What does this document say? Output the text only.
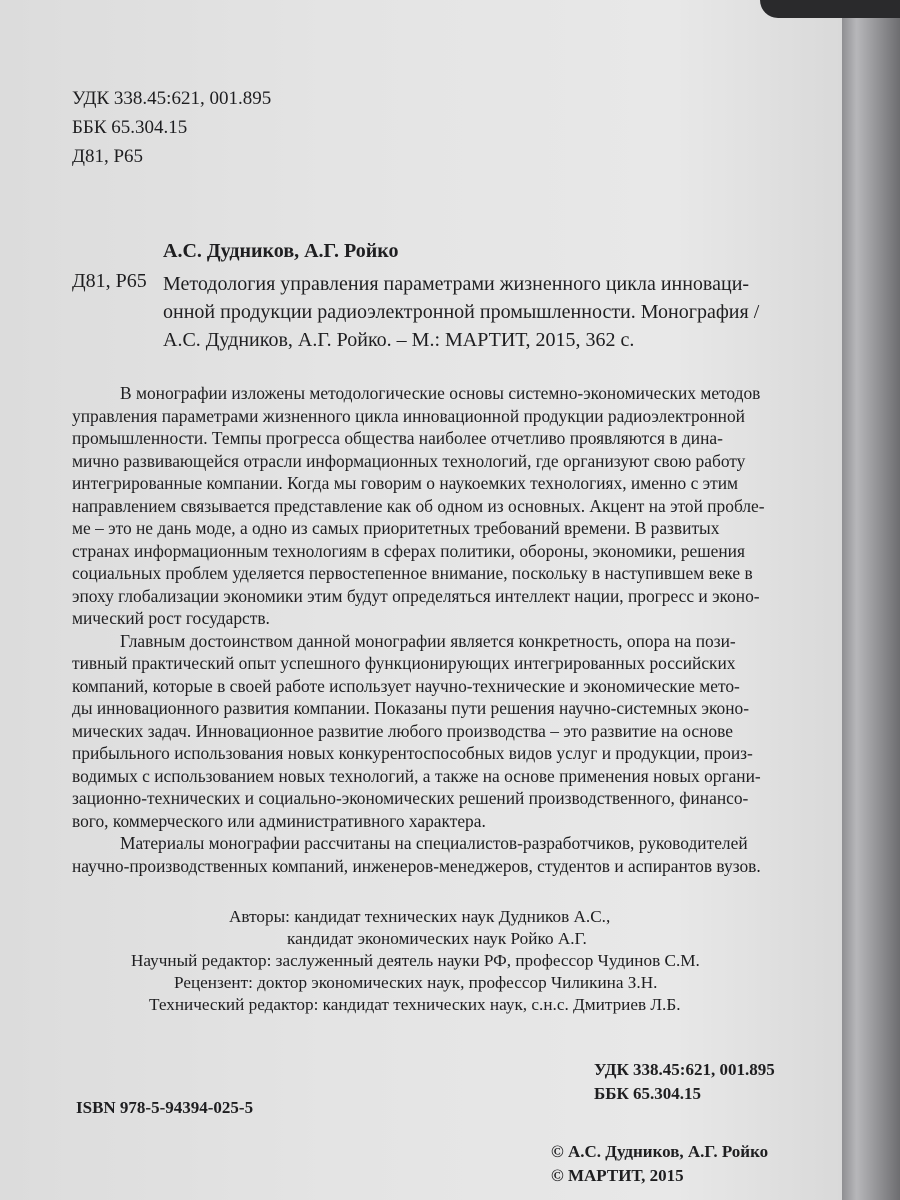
УДК 338.45:621, 001.895
ББК 65.304.15
Д81, Р65
А.С. Дудников, А.Г. Ройко
Д81, Р65 Методология управления параметрами жизненного цикла инноваци-
онной продукции радиоэлектронной промышленности. Монография /
А.С. Дудников, А.Г. Ройко. – М.: МАРТИТ, 2015, 362 с.
В монографии изложены методологические основы системно-экономических методов
управления параметрами жизненного цикла инновационной продукции радиоэлектронной
промышленности. Темпы прогресса общества наиболее отчетливо проявляются в дина-
мично развивающейся отрасли информационных технологий, где организуют свою работу
интегрированные компании. Когда мы говорим о наукоемких технологиях, именно с этим
направлением связывается представление как об одном из основных. Акцент на этой пробле-
ме – это не дань моде, а одно из самых приоритетных требований времени. В развитых
странах информационным технологиям в сферах политики, обороны, экономики, решения
социальных проблем уделяется первостепенное внимание, поскольку в наступившем веке в
эпоху глобализации экономики этим будут определяться интеллект нации, прогресс и эконо-
мический рост государств.
Главным достоинством данной монографии является конкретность, опора на пози-
тивный практический опыт успешного функционирующих интегрированных российских
компаний, которые в своей работе использует научно-технические и экономические мето-
ды инновационного развития компании. Показаны пути решения научно-системных эконо-
мических задач. Инновационное развитие любого производства – это развитие на основе
прибыльного использования новых конкурентоспособных видов услуг и продукции, произ-
водимых с использованием новых технологий, а также на основе применения новых органи-
зационно-технических и социально-экономических решений производственного, финансо-
вого, коммерческого или административного характера.
Материалы монографии рассчитаны на специалистов-разработчиков, руководителей
научно-производственных компаний, инженеров-менеджеров, студентов и аспирантов вузов.
Авторы: кандидат технических наук Дудников А.С.,
кандидат экономических наук Ройко А.Г.
Научный редактор: заслуженный деятель науки РФ, профессор Чудинов С.М.
Рецензент: доктор экономических наук, профессор Чиликина З.Н.
Технический редактор: кандидат технических наук, с.н.с. Дмитриев Л.Б.
УДК 338.45:621, 001.895
ББК 65.304.15
ISBN 978-5-94394-025-5
© А.С. Дудников, А.Г. Ройко
© МАРТИТ, 2015
